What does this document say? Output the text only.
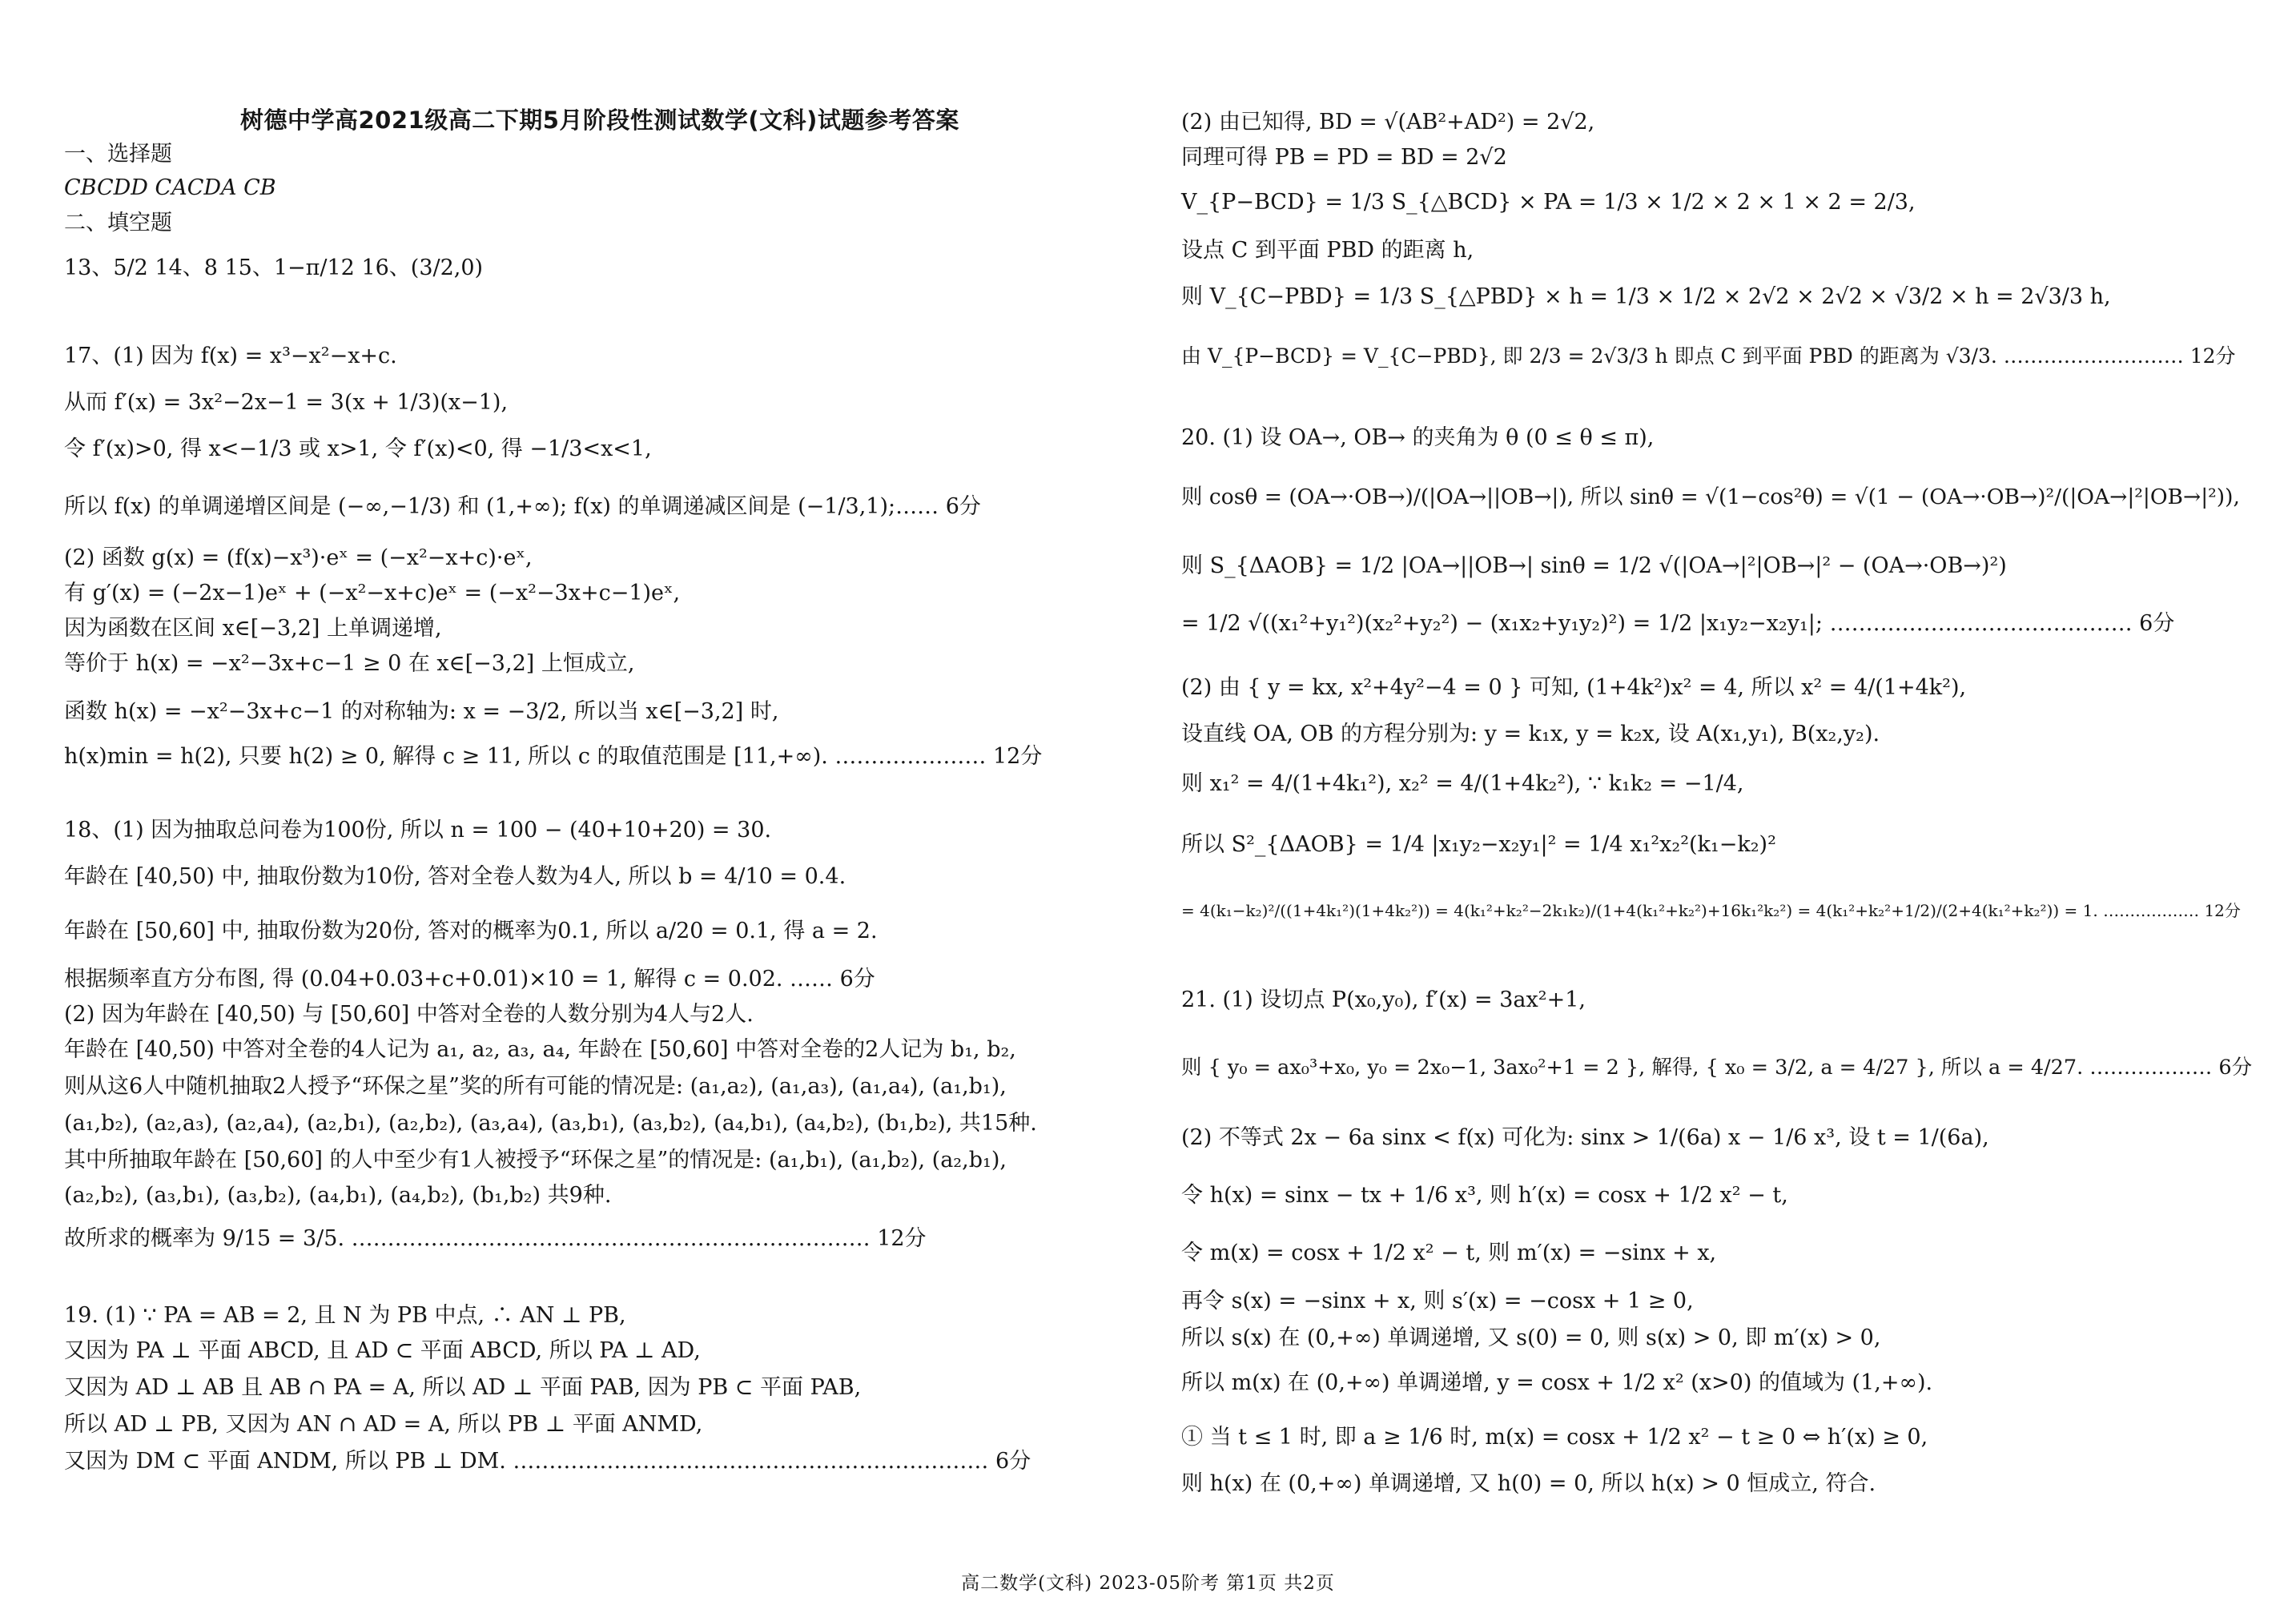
树德中学高2021级高二下期5月阶段性测试数学(文科)试题参考答案
一、选择题
CBCDD CACDA CB
二、填空题
13、5/2 14、8 15、1−π/12 16、(3/2,0)
17、(1) 因为 f(x) = x³−x²−x+c.
从而 f′(x) = 3x²−2x−1 = 3(x + 1/3)(x−1),
令 f′(x)>0, 得 x<−1/3 或 x>1, 令 f′(x)<0, 得 −1/3<x<1,
所以 f(x) 的单调递增区间是 (−∞,−1/3) 和 (1,+∞); f(x) 的单调递减区间是 (−1/3,1);…… 6分
(2) 函数 g(x) = (f(x)−x³)·eˣ = (−x²−x+c)·eˣ,
有 g′(x) = (−2x−1)eˣ + (−x²−x+c)eˣ = (−x²−3x+c−1)eˣ,
因为函数在区间 x∈[−3,2] 上单调递增,
等价于 h(x) = −x²−3x+c−1 ≥ 0 在 x∈[−3,2] 上恒成立,
函数 h(x) = −x²−3x+c−1 的对称轴为: x = −3/2, 所以当 x∈[−3,2] 时,
h(x)min = h(2), 只要 h(2) ≥ 0, 解得 c ≥ 11, 所以 c 的取值范围是 [11,+∞). ………………… 12分
18、(1) 因为抽取总问卷为100份, 所以 n = 100 − (40+10+20) = 30.
年龄在 [40,50) 中, 抽取份数为10份, 答对全卷人数为4人, 所以 b = 4/10 = 0.4.
年龄在 [50,60] 中, 抽取份数为20份, 答对的概率为0.1, 所以 a/20 = 0.1, 得 a = 2.
根据频率直方分布图, 得 (0.04+0.03+c+0.01)×10 = 1, 解得 c = 0.02. …… 6分
(2) 因为年龄在 [40,50) 与 [50,60] 中答对全卷的人数分别为4人与2人.
年龄在 [40,50) 中答对全卷的4人记为 a₁, a₂, a₃, a₄, 年龄在 [50,60] 中答对全卷的2人记为 b₁, b₂,
则从这6人中随机抽取2人授予“环保之星”奖的所有可能的情况是: (a₁,a₂), (a₁,a₃), (a₁,a₄), (a₁,b₁),
(a₁,b₂), (a₂,a₃), (a₂,a₄), (a₂,b₁), (a₂,b₂), (a₃,a₄), (a₃,b₁), (a₃,b₂), (a₄,b₁), (a₄,b₂), (b₁,b₂), 共15种.
其中所抽取年龄在 [50,60] 的人中至少有1人被授予“环保之星”的情况是: (a₁,b₁), (a₁,b₂), (a₂,b₁),
(a₂,b₂), (a₃,b₁), (a₃,b₂), (a₄,b₁), (a₄,b₂), (b₁,b₂) 共9种.
故所求的概率为 9/15 = 3/5. ……………………………………………………………… 12分
19. (1) ∵ PA = AB = 2, 且 N 为 PB 中点, ∴ AN ⊥ PB,
又因为 PA ⊥ 平面 ABCD, 且 AD ⊂ 平面 ABCD, 所以 PA ⊥ AD,
又因为 AD ⊥ AB 且 AB ∩ PA = A, 所以 AD ⊥ 平面 PAB, 因为 PB ⊂ 平面 PAB,
所以 AD ⊥ PB, 又因为 AN ∩ AD = A, 所以 PB ⊥ 平面 ANMD,
又因为 DM ⊂ 平面 ANDM, 所以 PB ⊥ DM. ………………………………………………………… 6分
(2) 由已知得, BD = √(AB²+AD²) = 2√2,
同理可得 PB = PD = BD = 2√2
V_{P−BCD} = 1/3 S_{△BCD} × PA = 1/3 × 1/2 × 2 × 1 × 2 = 2/3,
设点 C 到平面 PBD 的距离 h,
则 V_{C−PBD} = 1/3 S_{△PBD} × h = 1/3 × 1/2 × 2√2 × 2√2 × √3/2 × h = 2√3/3 h,
由 V_{P−BCD} = V_{C−PBD}, 即 2/3 = 2√3/3 h 即点 C 到平面 PBD 的距离为 √3/3. ……………………… 12分
20. (1) 设 OA→, OB→ 的夹角为 θ (0 ≤ θ ≤ π),
则 cosθ = (OA→·OB→)/(|OA→||OB→|), 所以 sinθ = √(1−cos²θ) = √(1 − (OA→·OB→)²/(|OA→|²|OB→|²)),
则 S_{ΔAOB} = 1/2 |OA→||OB→| sinθ = 1/2 √(|OA→|²|OB→|² − (OA→·OB→)²)
= 1/2 √((x₁²+y₁²)(x₂²+y₂²) − (x₁x₂+y₁y₂)²) = 1/2 |x₁y₂−x₂y₁|; …………………………………… 6分
(2) 由 { y = kx, x²+4y²−4 = 0 } 可知, (1+4k²)x² = 4, 所以 x² = 4/(1+4k²),
设直线 OA, OB 的方程分别为: y = k₁x, y = k₂x, 设 A(x₁,y₁), B(x₂,y₂).
则 x₁² = 4/(1+4k₁²), x₂² = 4/(1+4k₂²), ∵ k₁k₂ = −1/4,
所以 S²_{ΔAOB} = 1/4 |x₁y₂−x₂y₁|² = 1/4 x₁²x₂²(k₁−k₂)²
= 4(k₁−k₂)²/((1+4k₁²)(1+4k₂²)) = 4(k₁²+k₂²−2k₁k₂)/(1+4(k₁²+k₂²)+16k₁²k₂²) = 4(k₁²+k₂²+1/2)/(2+4(k₁²+k₂²)) = 1. ……………… 12分
21. (1) 设切点 P(x₀,y₀), f′(x) = 3ax²+1,
则 { y₀ = ax₀³+x₀, y₀ = 2x₀−1, 3ax₀²+1 = 2 }, 解得, { x₀ = 3/2, a = 4/27 }, 所以 a = 4/27. ……………… 6分
(2) 不等式 2x − 6a sinx < f(x) 可化为: sinx > 1/(6a) x − 1/6 x³, 设 t = 1/(6a),
令 h(x) = sinx − tx + 1/6 x³, 则 h′(x) = cosx + 1/2 x² − t,
令 m(x) = cosx + 1/2 x² − t, 则 m′(x) = −sinx + x,
再令 s(x) = −sinx + x, 则 s′(x) = −cosx + 1 ≥ 0,
所以 s(x) 在 (0,+∞) 单调递增, 又 s(0) = 0, 则 s(x) > 0, 即 m′(x) > 0,
所以 m(x) 在 (0,+∞) 单调递增, y = cosx + 1/2 x² (x>0) 的值域为 (1,+∞).
① 当 t ≤ 1 时, 即 a ≥ 1/6 时, m(x) = cosx + 1/2 x² − t ≥ 0 ⇔ h′(x) ≥ 0,
则 h(x) 在 (0,+∞) 单调递增, 又 h(0) = 0, 所以 h(x) > 0 恒成立, 符合.
高二数学(文科) 2023-05阶考 第1页 共2页
